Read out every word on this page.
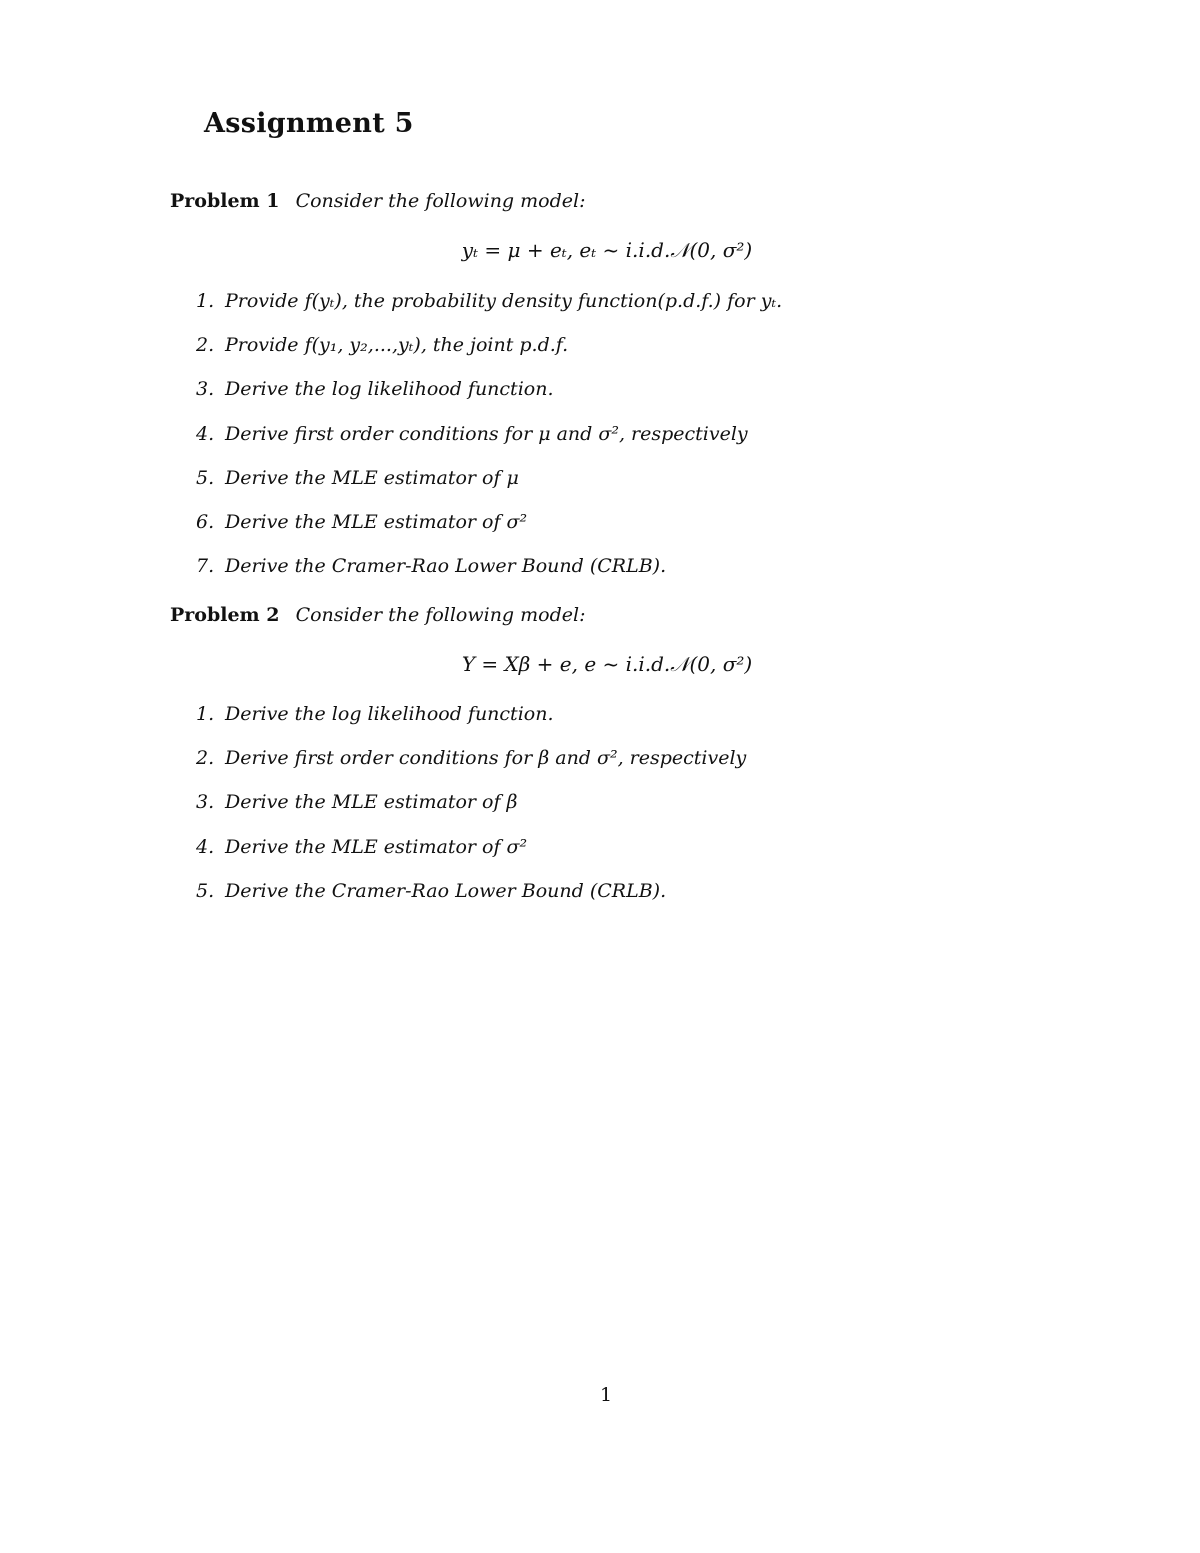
Assignment 5
Problem 1 Consider the following model:
yₜ = μ + eₜ, eₜ ~ i.i.d.𝒩(0, σ²)
1. Provide f(yₜ), the probability density function(p.d.f.) for yₜ.
2. Provide f(y₁, y₂,...,yₜ), the joint p.d.f.
3. Derive the log likelihood function.
4. Derive first order conditions for μ and σ², respectively
5. Derive the MLE estimator of μ
6. Derive the MLE estimator of σ²
7. Derive the Cramer-Rao Lower Bound (CRLB).
Problem 2 Consider the following model:
Y = Xβ + e, e ~ i.i.d.𝒩(0, σ²)
1. Derive the log likelihood function.
2. Derive first order conditions for β and σ², respectively
3. Derive the MLE estimator of β
4. Derive the MLE estimator of σ²
5. Derive the Cramer-Rao Lower Bound (CRLB).
1
